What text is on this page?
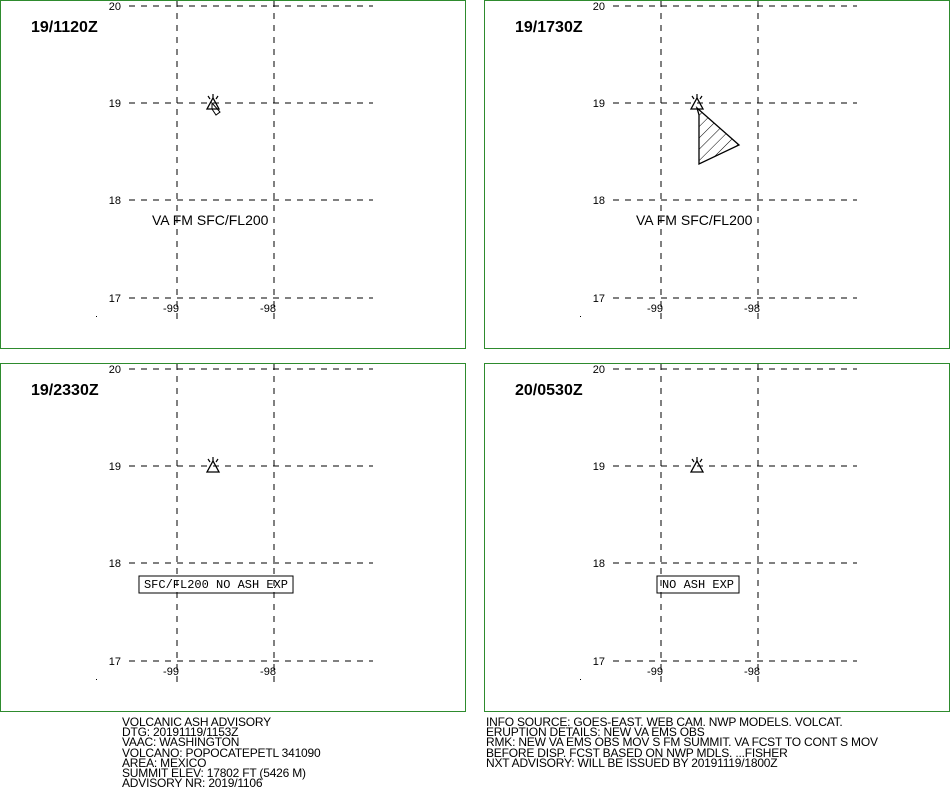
20
19
18
17
-99	-98
VA FM SFC/FL200
19/1120Z
20
19
18
17
-99	-98
VA FM SFC/FL200
19/1730Z
20
19
18
17
-99	-98
SFC/FL200 NO ASH EXP
19/2330Z
20
19
18
17
-99	-98
NO ASH EXP
20/0530Z
VOLCANIC ASH ADVISORY
DTG: 20191119/1153Z
VAAC: WASHINGTON
VOLCANO: POPOCATEPETL 341090
AREA: MEXICO
SUMMIT ELEV: 17802 FT (5426 M)
ADVISORY NR: 2019/1106
INFO SOURCE: GOES-EAST. WEB CAM. NWP MODELS. VOLCAT.
ERUPTION DETAILS: NEW VA EMS OBS
RMK: NEW VA EMS OBS MOV S FM SUMMIT. VA FCST TO CONT S MOV
BEFORE DISP. FCST BASED ON NWP MDLS. ...FISHER
NXT ADVISORY: WILL BE ISSUED BY 20191119/1800Z
